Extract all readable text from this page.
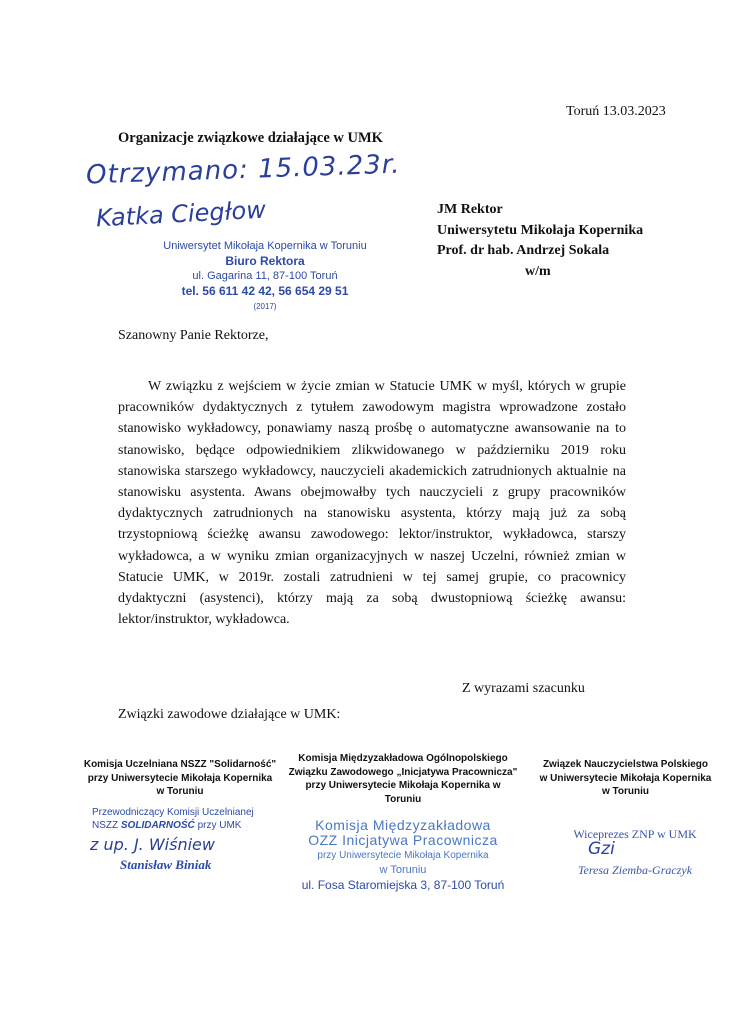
Toruń 13.03.2023
Organizacje związkowe działające w UMK
Otrzymano: 15.03.23r.
Katka Ciegłow
Uniwersytet Mikołaja Kopernika w Toruniu
Biuro Rektora
ul. Gagarina 11, 87-100 Toruń
tel. 56 611 42 42, 56 654 29 51
(2017)
JM Rektor
Uniwersytetu Mikołaja Kopernika
Prof. dr hab. Andrzej Sokala
w/m
Szanowny Panie Rektorze,
W związku z wejściem w życie zmian w Statucie UMK w myśl, których w grupie pracowników dydaktycznych z tytułem zawodowym magistra wprowadzone zostało stanowisko wykładowcy, ponawiamy naszą prośbę o automatyczne awansowanie na to stanowisko, będące odpowiednikiem zlikwidowanego w październiku 2019 roku stanowiska starszego wykładowcy, nauczycieli akademickich zatrudnionych aktualnie na stanowisku asystenta. Awans obejmowałby tych nauczycieli z grupy pracowników dydaktycznych zatrudnionych na stanowisku asystenta, którzy mają już za sobą trzystopniową ścieżkę awansu zawodowego: lektor/instruktor, wykładowca, starszy wykładowca, a w wyniku zmian organizacyjnych w naszej Uczelni, również zmian w Statucie UMK, w 2019r. zostali zatrudnieni w tej samej grupie, co pracownicy dydaktyczni (asystenci), którzy mają za sobą dwustopniową ścieżkę awansu: lektor/instruktor, wykładowca.
Z wyrazami szacunku
Związki zawodowe działające w UMK:
Komisja Uczelniana NSZZ "Solidarność"
przy Uniwersytecie Mikołaja Kopernika
w Toruniu
Komisja Międzyzakładowa Ogólnopolskiego
Związku Zawodowego „Inicjatywa Pracownicza"
przy Uniwersytecie Mikołaja Kopernika w
Toruniu
Związek Nauczycielstwa Polskiego
w Uniwersytecie Mikołaja Kopernika
w Toruniu
Przewodniczący Komisji Uczelnianej
NSZZ SOLIDARNOŚĆ przy UMK
z up. J. Wiśniew
Stanisław Biniak
Komisja Międzyzakładowa
OZZ Inicjatywa Pracownicza
przy Uniwersytecie Mikołaja Kopernika
w Toruniu
ul. Fosa Staromiejska 3, 87-100 Toruń
Wiceprezes ZNP w UMK
Teresa Ziemba-Graczyk
Gzi
